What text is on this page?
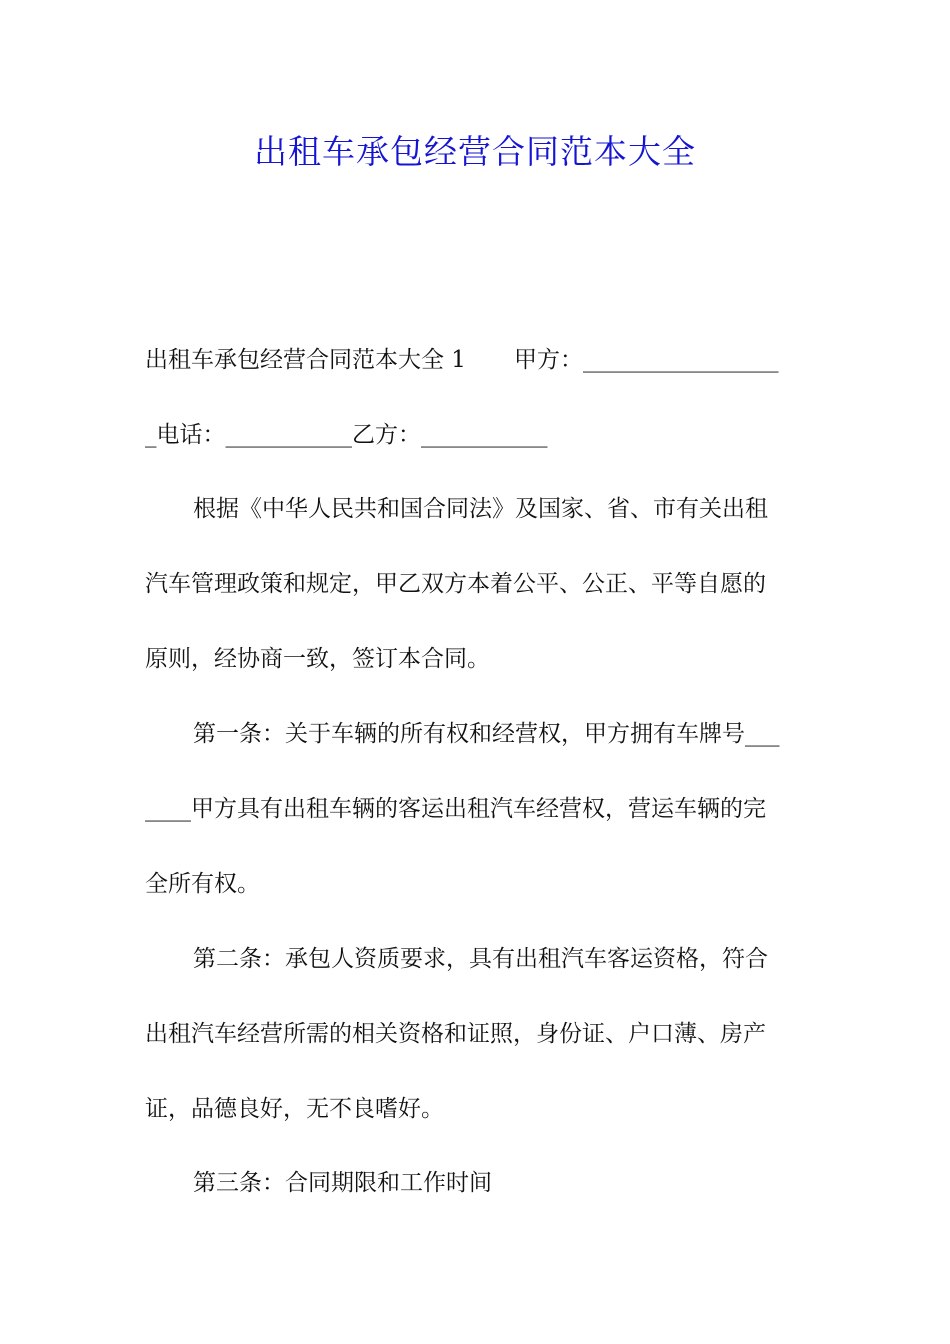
出租车承包经营合同范本大全
出租车承包经营合同范本大全 1 甲方：_________________
_电话：___________乙方：___________
根据《中华人民共和国合同法》及国家、省、市有关出租
汽车管理政策和规定，甲乙双方本着公平、公正、平等自愿的
原则，经协商一致，签订本合同。
第一条：关于车辆的所有权和经营权，甲方拥有车牌号___
____甲方具有出租车辆的客运出租汽车经营权，营运车辆的完
全所有权。
第二条：承包人资质要求，具有出租汽车客运资格，符合
出租汽车经营所需的相关资格和证照，身份证、户口薄、房产
证，品德良好，无不良嗜好。
第三条：合同期限和工作时间
